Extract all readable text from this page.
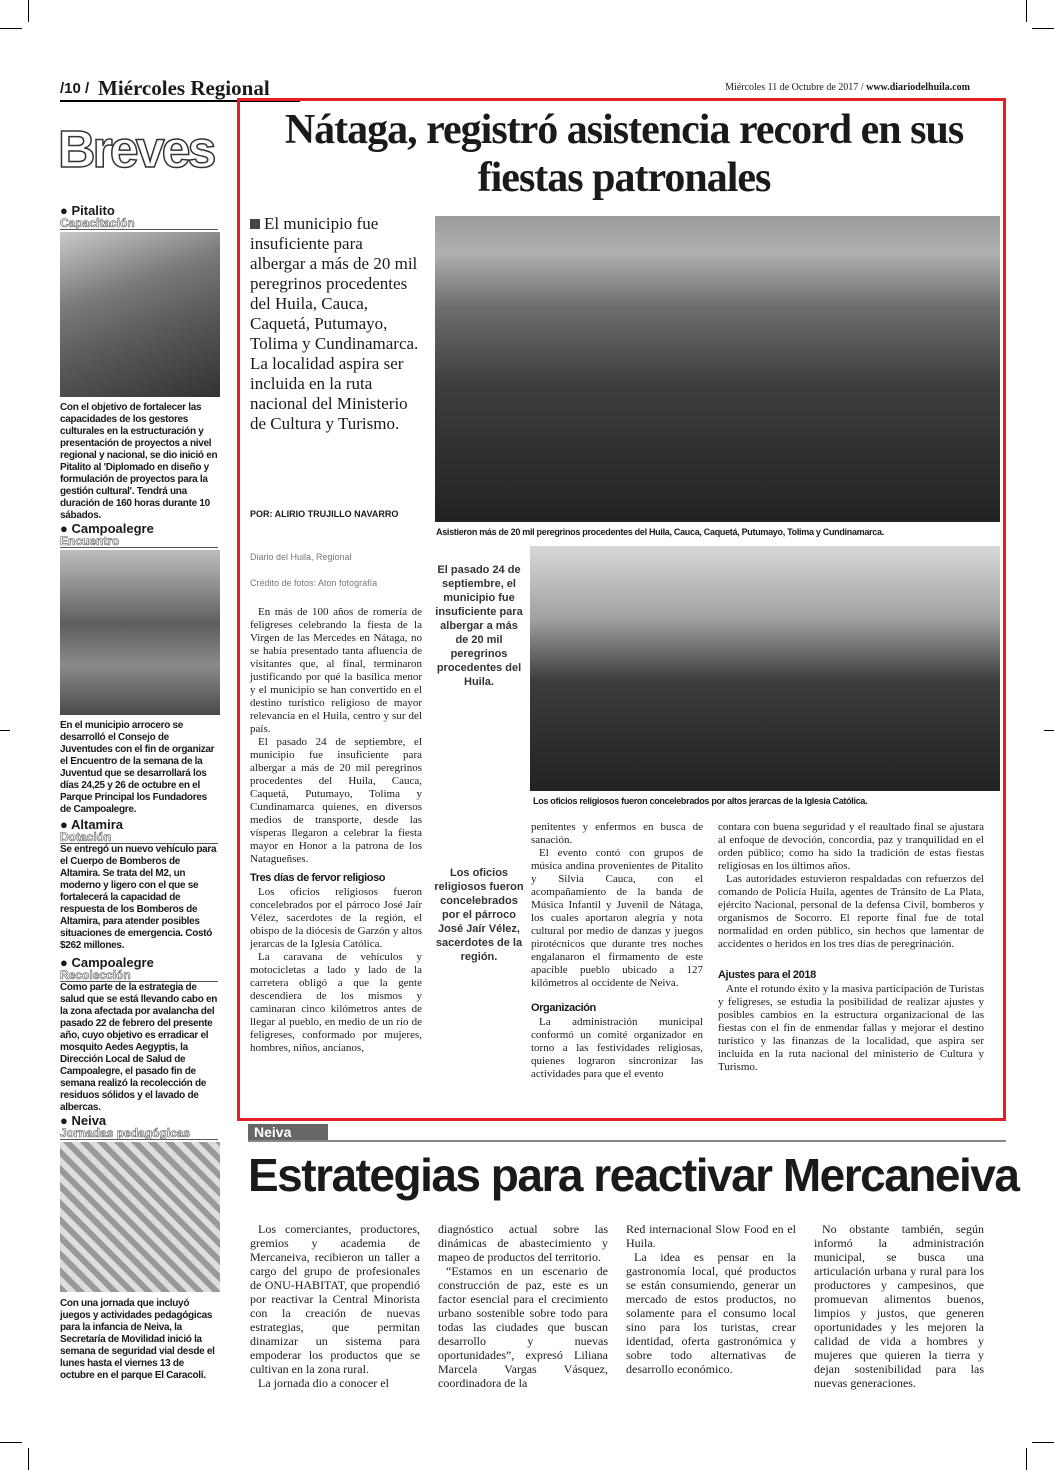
/10 / Miércoles Regional	Miércoles 11 de Octubre de 2017 / www.diariodelhuila.com
Breves
● Pitalito
Capacitación
Con el objetivo de fortalecer las capacidades de los gestores culturales en la estructuración y presentación de proyectos a nivel regional y nacional, se dio inició en Pitalito al 'Diplomado en diseño y formulación de proyectos para la gestión cultural'. Tendrá una duración de 160 horas durante 10 sábados.
● Campoalegre
Encuentro
En el municipio arrocero se desarrolló el Consejo de Juventudes con el fin de organizar el Encuentro de la semana de la Juventud que se desarrollará los días 24,25 y 26 de octubre en el Parque Principal los Fundadores de Campoalegre.
● Altamira
Dotación
Se entregó un nuevo vehículo para el Cuerpo de Bomberos de Altamira. Se trata del M2, un moderno y ligero con el que se fortalecerá la capacidad de respuesta de los Bomberos de Altamira, para atender posibles situaciones de emergencia. Costó $262 millones.
● Campoalegre
Recolección
Como parte de la estrategia de salud que se está llevando cabo en la zona afectada por avalancha del pasado 22 de febrero del presente año, cuyo objetivo es erradicar el mosquito Aedes Aegyptis, la Dirección Local de Salud de Campoalegre, el pasado fin de semana realizó la recolección de residuos sólidos y el lavado de albercas.
● Neiva
Jornadas pedagógicas
Con una jornada que incluyó juegos y actividades pedagógicas para la infancia de Neiva, la Secretaría de Movilidad inició la semana de seguridad vial desde el lunes hasta el viernes 13 de octubre en el parque El Caracolí.
Nátaga, registró asistencia record en sus fiestas patronales
El municipio fue insuficiente para albergar a más de 20 mil peregrinos procedentes del Huila, Cauca, Caquetá, Putumayo, Tolima y Cundinamarca. La localidad aspira ser incluida en la ruta nacional del Ministerio de Cultura y Turismo.
POR: ALIRIO TRUJILLO NAVARRO
Diario del Huila, Regional
Crédito de fotos: Aton fotografía
Asistieron más de 20 mil peregrinos procedentes del Huila, Cauca, Caquetá, Putumayo, Tolima y Cundinamarca.
Los oficios religiosos fueron concelebrados por altos jerarcas de la Iglesia Católica.
El pasado 24 de septiembre, el municipio fue insuficiente para albergar a más de 20 mil peregrinos procedentes del Huila.
Los oficios religiosos fueron concelebrados por el párroco José Jaír Vélez, sacerdotes de la región.

En más de 100 años de romería de feligreses celebrando la fiesta de la Virgen de las Mercedes en Nátaga, no se había presentado tanta afluencia de visitantes que, al final, terminaron justificando por qué la basílica menor y el municipio se han convertido en el destino turístico religioso de mayor relevancia en el Huila, centro y sur del país.

El pasado 24 de septiembre, el municipio fue insuficiente para albergar a más de 20 mil peregrinos procedentes del Huila, Cauca, Caquetá, Putumayo, Tolima y Cundinamarca quienes, en diversos medios de transporte, desde las vísperas llegaron a celebrar la fiesta mayor en Honor a la patrona de los Natagueñses.

Tres días de fervor religioso

Los oficios religiosos fueron concelebrados por el párroco José Jaír Vélez, sacerdotes de la región, el obispo de la diócesis de Garzón y altos jerarcas de la Iglesia Católica.

La caravana de vehículos y motocicletas a lado y lado de la carretera obligó a que la gente descendiera de los mismos y caminaran cinco kilómetros antes de llegar al pueblo, en medio de un río de feligreses, conformado por mujeres, hombres, niños, ancianos,

penitentes y enfermos en busca de sanación.

El evento contó con grupos de música andina provenientes de Pitalito y Silvia Cauca, con el acompañamiento de la banda de Música Infantil y Juvenil de Nátaga, los cuales aportaron alegría y nota cultural por medio de danzas y juegos pirotécnicos que durante tres noches engalanaron el firmamento de este apacible pueblo ubicado a 127 kilómetros al occidente de Neiva.

Organización

La administración municipal conformó un comité organizador en torno a las festividades religiosas, quienes lograron sincronizar las actividades para que el evento

contara con buena seguridad y el reaultado final se ajustara al enfoque de devoción, concordia, paz y tranquilidad en el orden público; como ha sido la tradición de estas fiestas religiosas en los últimos años.

Las autoridades estuvieron respaldadas con refuerzos del comando de Policía Huila, agentes de Tránsito de La Plata, ejército Nacional, personal de la defensa Civil, bomberos y organismos de Socorro. El reporte final fue de total normalidad en orden público, sin hechos que lamentar de accidentes o heridos en los tres días de peregrinación.

Ajustes para el 2018

Ante el rotundo éxito y la masiva participación de Turistas y feligreses, se estudia la posibilidad de realizar ajustes y posibles cambios en la estructura organizacional de las fiestas con el fin de enmendar fallas y mejorar el destino turístico y las finanzas de la localidad, que aspira ser incluida en la ruta nacional del ministerio de Cultura y Turismo.

Neiva
Estrategias para reactivar Mercaneiva

Los comerciantes, productores, gremios y academia de Mercaneiva, recibieron un taller a cargo del grupo de profesionales de ONU-HABITAT, que propendió por reactivar la Central Minorista con la creación de nuevas estrategias, que permitan dinamizar un sistema para empoderar los productos que se cultivan en la zona rural.

La jornada dio a conocer el

diagnóstico actual sobre las dinámicas de abastecimiento y mapeo de productos del territorio.

“Estamos en un escenario de construcción de paz, este es un factor esencial para el crecimiento urbano sostenible sobre todo para todas las ciudades que buscan desarrollo y nuevas oportunidades”, expresó Liliana Marcela Vargas Vásquez, coordinadora de la

Red internacional Slow Food en el Huila.

La idea es pensar en la gastronomía local, qué productos se están consumiendo, generar un mercado de estos productos, no solamente para el consumo local sino para los turistas, crear identidad, oferta gastronómica y sobre todo alternativas de desarrollo económico.

No obstante también, según informó la administración municipal, se busca una articulación urbana y rural para los productores y campesinos, que promuevan alimentos buenos, limpios y justos, que generen oportunidades y les mejoren la calidad de vida a hombres y mujeres que quieren la tierra y dejan sostenibilidad para las nuevas generaciones.
